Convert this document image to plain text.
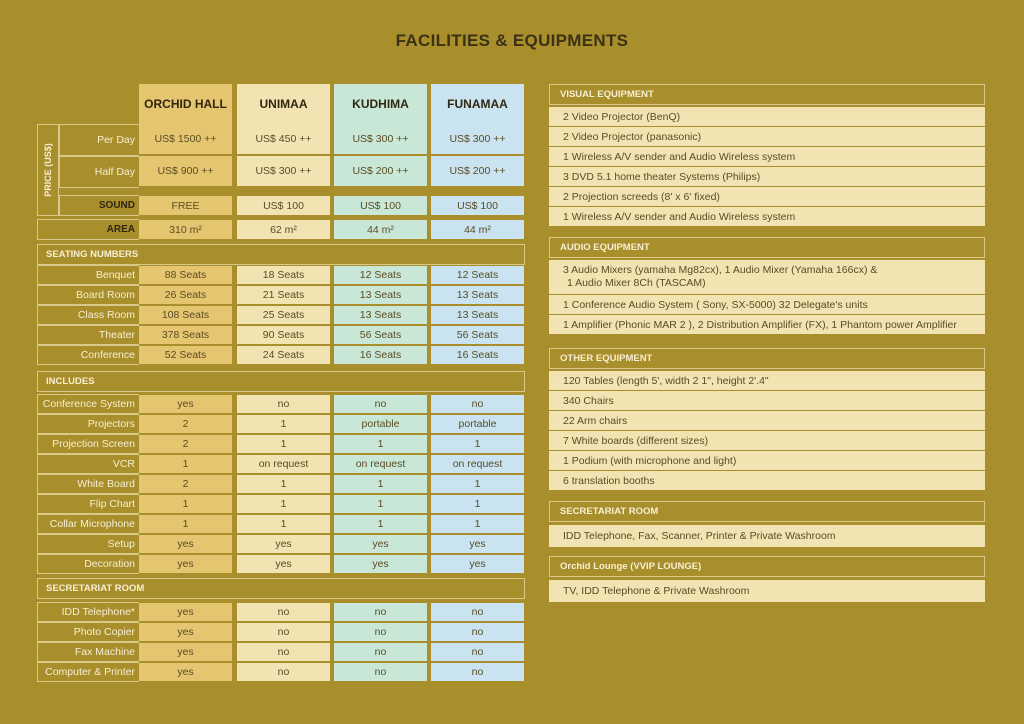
FACILITIES & EQUIPMENTS
ORCHID HALL	UNIMAA	KUDHIMA	FUNAMAA
PRICE (US$)
Per Day	US$ 1500 ++	US$ 450 ++	US$ 300 ++	US$ 300 ++
Half Day	US$ 900 ++	US$ 300 ++	US$ 200 ++	US$ 200 ++
SOUND	FREE	US$ 100	US$ 100	US$ 100
AREA	310 m²	62 m²	44 m²	44 m²
SEATING NUMBERS
Benquet	88 Seats	18 Seats	12 Seats	12 Seats
Board Room	26 Seats	21 Seats	13 Seats	13 Seats
Class Room	108 Seats	25 Seats	13 Seats	13 Seats
Theater	378 Seats	90 Seats	56 Seats	56 Seats
Conference	52 Seats	24 Seats	16 Seats	16 Seats
INCLUDES
Conference System	yes	no	no	no
Projectors	2	1	portable	portable
Projection Screen	2	1	1	1
VCR	1	on request	on request	on request
White Board	2	1	1	1
Flip Chart	1	1	1	1
Collar Microphone	1	1	1	1
Setup	yes	yes	yes	yes
Decoration	yes	yes	yes	yes
SECRETARIAT ROOM
IDD Telephone*	yes	no	no	no
Photo Copier	yes	no	no	no
Fax Machine	yes	no	no	no
Computer & Printer	yes	no	no	no
VISUAL EQUIPMENT
2 Video Projector (BenQ)
2 Video Projector (panasonic)
1 Wireless A/V sender and Audio Wireless system
3 DVD 5.1 home theater Systems (Philips)
2 Projection screeds (8' x 6' fixed)
1 Wireless A/V sender and Audio Wireless system
AUDIO EQUIPMENT
3 Audio Mixers (yamaha Mg82cx), 1 Audio Mixer (Yamaha 166cx) &
1 Audio Mixer 8Ch (TASCAM)
1 Conference Audio System ( Sony, SX-5000) 32 Delegate's units
1 Amplifier (Phonic MAR 2 ), 2 Distribution Amplifier (FX), 1 Phantom power Amplifier
OTHER EQUIPMENT
120 Tables (length 5', width 2 1", height 2'.4"
340 Chairs
22 Arm chairs
7 White boards (different sizes)
1 Podium (with microphone and light)
6 translation booths
SECRETARIAT ROOM
IDD Telephone, Fax, Scanner, Printer & Private Washroom
Orchid Lounge (VVIP LOUNGE)
TV, IDD Telephone & Private Washroom
